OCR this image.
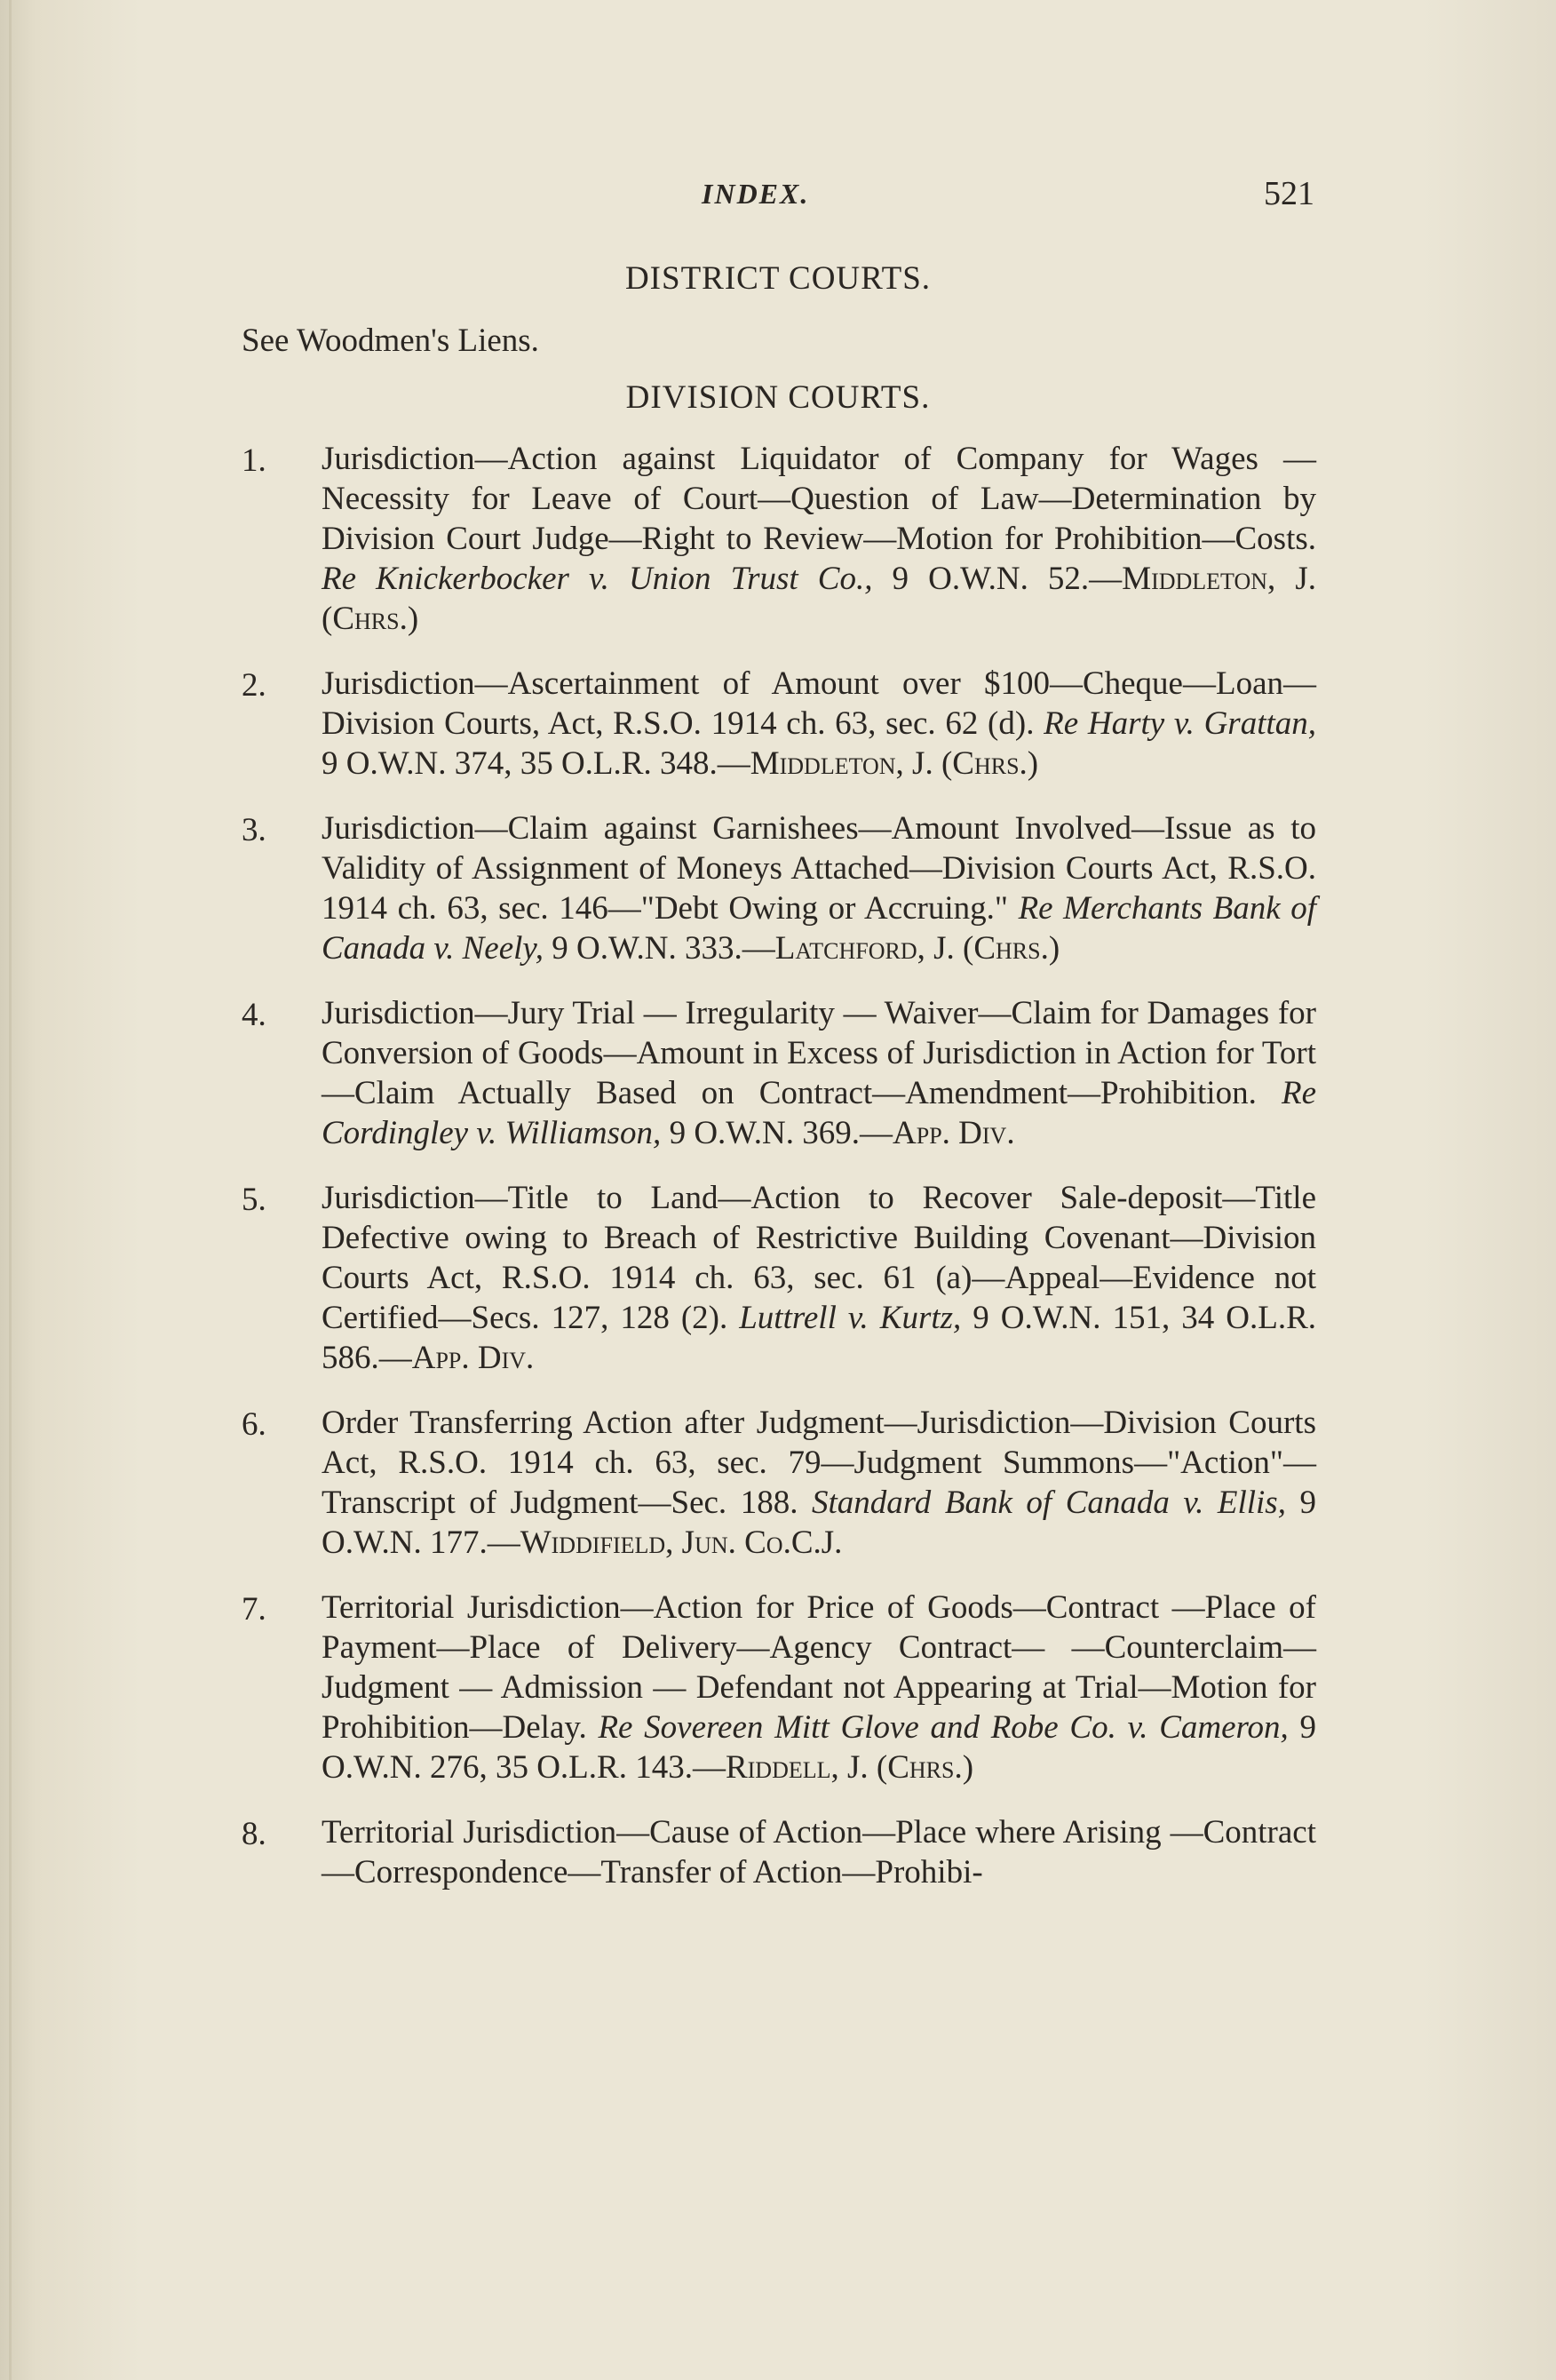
INDEX.	521
DISTRICT COURTS.
See Woodmen's Liens.
DIVISION COURTS.
1.	Jurisdiction—Action against Liquidator of Company for Wages —Necessity for Leave of Court—Question of Law—Determination by Division Court Judge—Right to Review—Motion for Prohibition—Costs. Re Knickerbocker v. Union Trust Co., 9 O.W.N. 52.—Middleton, J. (Chrs.)
2.	Jurisdiction—Ascertainment of Amount over $100—Cheque—Loan—Division Courts, Act, R.S.O. 1914 ch. 63, sec. 62 (d). Re Harty v. Grattan, 9 O.W.N. 374, 35 O.L.R. 348.—Middleton, J. (Chrs.)
3.	Jurisdiction—Claim against Garnishees—Amount Involved—Issue as to Validity of Assignment of Moneys Attached—Division Courts Act, R.S.O. 1914 ch. 63, sec. 146—"Debt Owing or Accruing." Re Merchants Bank of Canada v. Neely, 9 O.W.N. 333.—Latchford, J. (Chrs.)
4.	Jurisdiction—Jury Trial — Irregularity — Waiver—Claim for Damages for Conversion of Goods—Amount in Excess of Jurisdiction in Action for Tort—Claim Actually Based on Contract—Amendment—Prohibition. Re Cordingley v. Williamson, 9 O.W.N. 369.—App. Div.
5.	Jurisdiction—Title to Land—Action to Recover Sale-deposit—Title Defective owing to Breach of Restrictive Building Covenant—Division Courts Act, R.S.O. 1914 ch. 63, sec. 61 (a)—Appeal—Evidence not Certified—Secs. 127, 128 (2). Luttrell v. Kurtz, 9 O.W.N. 151, 34 O.L.R. 586.—App. Div.
6.	Order Transferring Action after Judgment—Jurisdiction—Division Courts Act, R.S.O. 1914 ch. 63, sec. 79—Judgment Summons—"Action"—Transcript of Judgment—Sec. 188. Standard Bank of Canada v. Ellis, 9 O.W.N. 177.—Widdifield, Jun. Co.C.J.
7.	Territorial Jurisdiction—Action for Price of Goods—Contract —Place of Payment—Place of Delivery—Agency Contract— —Counterclaim—Judgment — Admission — Defendant not Appearing at Trial—Motion for Prohibition—Delay. Re Sovereen Mitt Glove and Robe Co. v. Cameron, 9 O.W.N. 276, 35 O.L.R. 143.—Riddell, J. (Chrs.)
8.	Territorial Jurisdiction—Cause of Action—Place where Arising —Contract—Correspondence—Transfer of Action—Prohibi-
